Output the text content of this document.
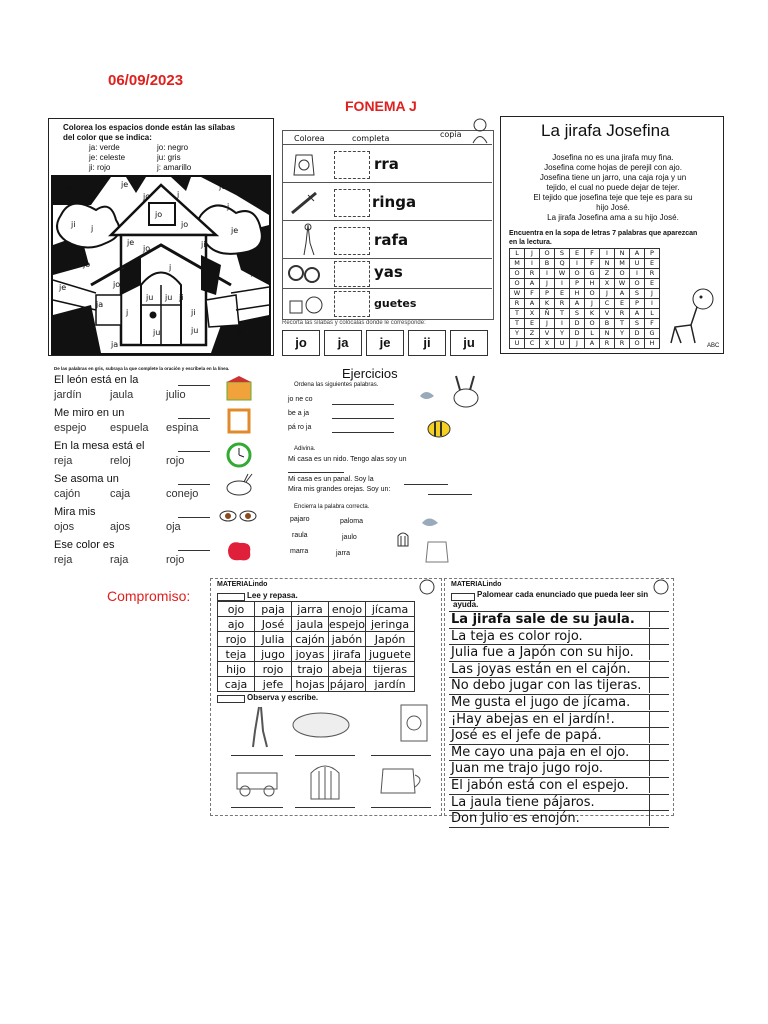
06/09/2023
FONEMA J
Compromiso:
Colorea los espacios donde están las sílabas
del color que se indica:
ja: verde
je: celeste
ji: rojo
jo: negro
ju: gris
j: amarillo
je	je	je
jo
j
j
jo
j
ji	jo
je
je	ji
jo
je
jo	ji
j
je	jo
ja
ju ju ji
j
ja
ji
ju	ja
ju
ja
Colorea	completa	copia
rra
ringa
rafa
yas
guetes
Recorta las sílabas y colócalas donde le corresponde:
jo	ja	je	ji	ju
La jirafa Josefina
Josefina no es una jirafa muy fina.
Josefina come hojas de perejil con ajo.
Josefina tiene un jarro, una caja roja y un
tejido, el cual no puede dejar de tejer.
El tejido que josefina teje que teje es para su
hijo José.
La jirafa Josefina ama a su hijo José.
Encuentra en la sopa de letras 7 palabras que aparezcan en la lectura.
L	J	O	S	E	F	I	N	A	P
M	I	B	Q	I	F	N	M	U	E
O	R	I	W	O	G	Z	O	I	R
O	A	J	I	P	H	X	W	O	E
W	F	P	E	H	O	J	A	S	J
R	A	K	R	A	J	C	E	P	I
T	X	Ñ	T	S	K	V	R	A	L
T	E	J	I	D	O	B	T	S	F
Y	Z	V	Y	D	L	N	Y	D	G
U	C	X	U	J	A	R	R	O	H	ABC
De las palabras en gris, subraya la que complete la oración y escríbela en la línea.
El león está en la
jardín	jaula	julio
Me miro en un
espejo espuela espina
En la mesa está el
reja	reloj	rojo
Se asoma un
cajón	caja	conejo
Mira mis
ojos	ajos	oja
Ese color es
reja	raja	rojo
Ejercicios
Ordena las siguientes palabras.
jo ne co
be a ja
pá ro ja
Adivina.
Mi casa es un nido. Tengo alas soy un
Mi casa es un panal. Soy la
Mira mis grandes orejas. Soy un:
Encierra la palabra correcta.
pajaro	paloma
raula	jaulo
marra	jarra
MATERIALindo
Lee y repasa.
ojo	paja	jarra	enojo	jícama
ajo	José	jaula	espejo	jeringa
rojo	Julia	cajón	jabón	Japón
teja	jugo	joyas	jirafa	juguete
hijo	rojo	trajo	abeja	tijeras
caja	jefe	hojas	pájaro	jardín
Observa y escribe.
MATERIALindo
Palomear cada enunciado que pueda leer sin ayuda.
La jirafa sale de su jaula.
La teja es color rojo.
Julia fue a Japón con su hijo.
Las joyas están en el cajón.
No debo jugar con las tijeras.
Me gusta el jugo de jícama.
¡Hay abejas en el jardín!.
José es el jefe de papá.
Me cayo una paja en el ojo.
Juan me trajo jugo rojo.
El jabón está con el espejo.
La jaula tiene pájaros.
Don Julio es enojón.
